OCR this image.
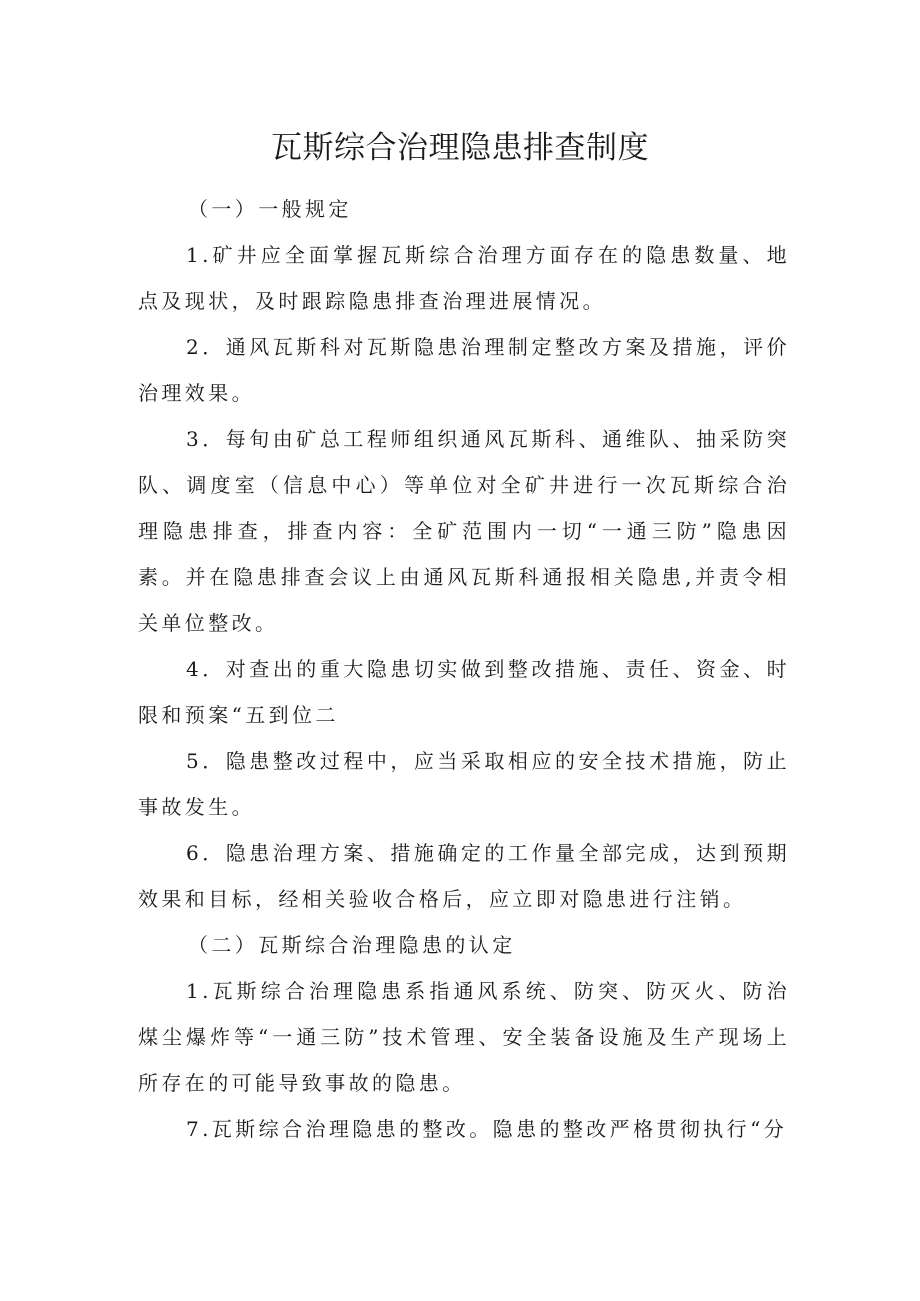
瓦斯综合治理隐患排查制度

（一）一般规定

1.矿井应全面掌握瓦斯综合治理方面存在的隐患数量、地点及现状，及时跟踪隐患排查治理进展情况。

2．通风瓦斯科对瓦斯隐患治理制定整改方案及措施，评价治理效果。

3．每旬由矿总工程师组织通风瓦斯科、通维队、抽采防突队、调度室（信息中心）等单位对全矿井进行一次瓦斯综合治理隐患排查，排查内容：全矿范围内一切“一通三防”隐患因素。并在隐患排查会议上由通风瓦斯科通报相关隐患,并责令相关单位整改。

4．对查出的重大隐患切实做到整改措施、责任、资金、时限和预案“五到位二

5．隐患整改过程中，应当采取相应的安全技术措施，防止事故发生。

6．隐患治理方案、措施确定的工作量全部完成，达到预期效果和目标，经相关验收合格后，应立即对隐患进行注销。

（二）瓦斯综合治理隐患的认定

1.瓦斯综合治理隐患系指通风系统、防突、防灭火、防治煤尘爆炸等“一通三防”技术管理、安全装备设施及生产现场上所存在的可能导致事故的隐患。

7.瓦斯综合治理隐患的整改。隐患的整改严格贯彻执行“分
